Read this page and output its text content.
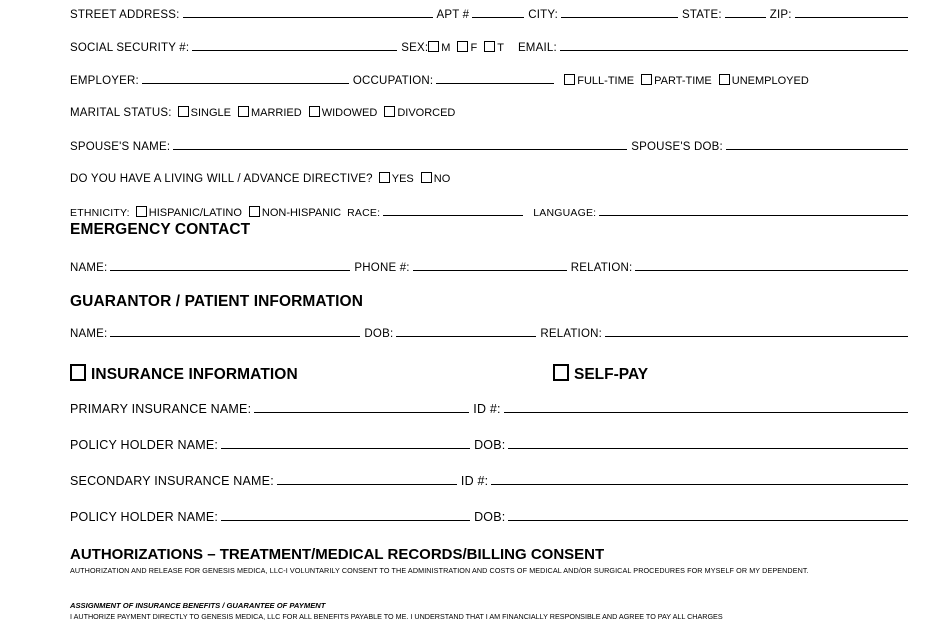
STREET ADDRESS:	APT #	CITY:	STATE:	ZIP:
SOCIAL SECURITY #:	SEX: M F T EMAIL:
EMPLOYER:	OCCUPATION:	FULL-TIME PART-TIME UNEMPLOYED
MARITAL STATUS: SINGLE MARRIED WIDOWED DIVORCED
SPOUSE'S NAME:	SPOUSE'S DOB:
DO YOU HAVE A LIVING WILL / ADVANCE DIRECTIVE? YES NO
ETHNICITY: HISPANIC/LATINO NON-HISPANIC RACE:	LANGUAGE:
EMERGENCY CONTACT
NAME:	PHONE #:	RELATION:
GUARANTOR / PATIENT INFORMATION
NAME:	DOB:	RELATION:
INSURANCE INFORMATION	SELF-PAY
PRIMARY INSURANCE NAME:	ID #:
POLICY HOLDER NAME:	DOB:
SECONDARY INSURANCE NAME:	ID #:
POLICY HOLDER NAME:	DOB:
AUTHORIZATIONS – TREATMENT/MEDICAL RECORDS/BILLING CONSENT
AUTHORIZATION AND RELEASE FOR GENESIS MEDICA, LLC-I VOLUNTARILY CONSENT TO THE ADMINISTRATION AND COSTS OF MEDICAL AND/OR SURGICAL PROCEDURES FOR MYSELF OR MY DEPENDENT.
ASSIGNMENT OF INSURANCE BENEFITS / GUARANTEE OF PAYMENT
I AUTHORIZE PAYMENT DIRECTLY TO GENESIS MEDICA, LLC FOR ALL BENEFITS PAYABLE TO ME. I UNDERSTAND THAT I AM FINANCIALLY RESPONSIBLE AND AGREE TO PAY ALL CHARGES
